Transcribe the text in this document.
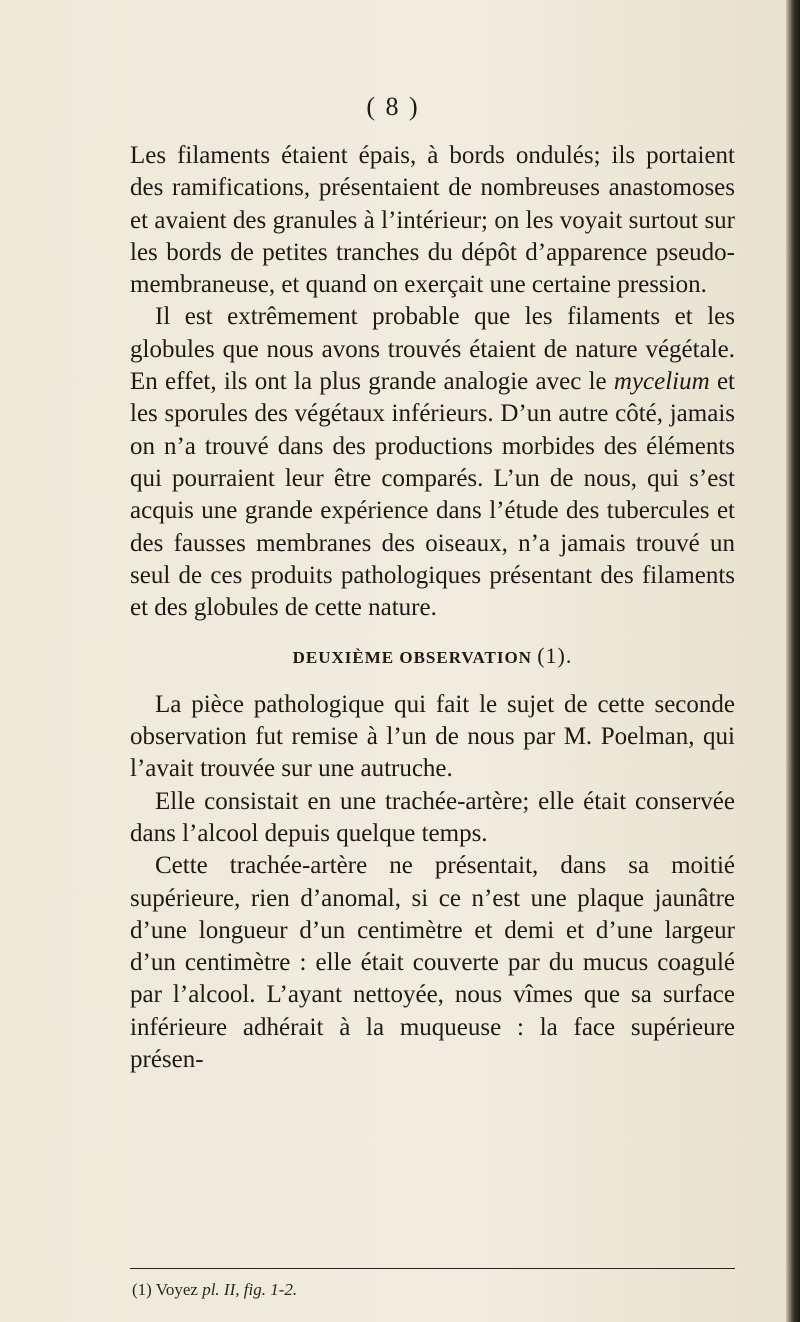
( 8 )

Les filaments étaient épais, à bords ondulés; ils portaient des ramifications, présentaient de nombreuses anastomoses et avaient des granules à l’intérieur; on les voyait surtout sur les bords de petites tranches du dépôt d’apparence pseudo-membraneuse, et quand on exerçait une certaine pression.

Il est extrêmement probable que les filaments et les globules que nous avons trouvés étaient de nature végétale. En effet, ils ont la plus grande analogie avec le mycelium et les sporules des végétaux inférieurs. D’un autre côté, jamais on n’a trouvé dans des productions morbides des éléments qui pourraient leur être comparés. L’un de nous, qui s’est acquis une grande expérience dans l’étude des tubercules et des fausses membranes des oiseaux, n’a jamais trouvé un seul de ces produits pathologiques présentant des filaments et des globules de cette nature.

DEUXIÈME OBSERVATION (1).

La pièce pathologique qui fait le sujet de cette seconde observation fut remise à l’un de nous par M. Poelman, qui l’avait trouvée sur une autruche.

Elle consistait en une trachée-artère; elle était conservée dans l’alcool depuis quelque temps.

Cette trachée-artère ne présentait, dans sa moitié supérieure, rien d’anomal, si ce n’est une plaque jaunâtre d’une longueur d’un centimètre et demi et d’une largeur d’un centimètre : elle était couverte par du mucus coagulé par l’alcool. L’ayant nettoyée, nous vîmes que sa surface inférieure adhérait à la muqueuse : la face supérieure présen-

(1) Voyez pl. II, fig. 1-2.
